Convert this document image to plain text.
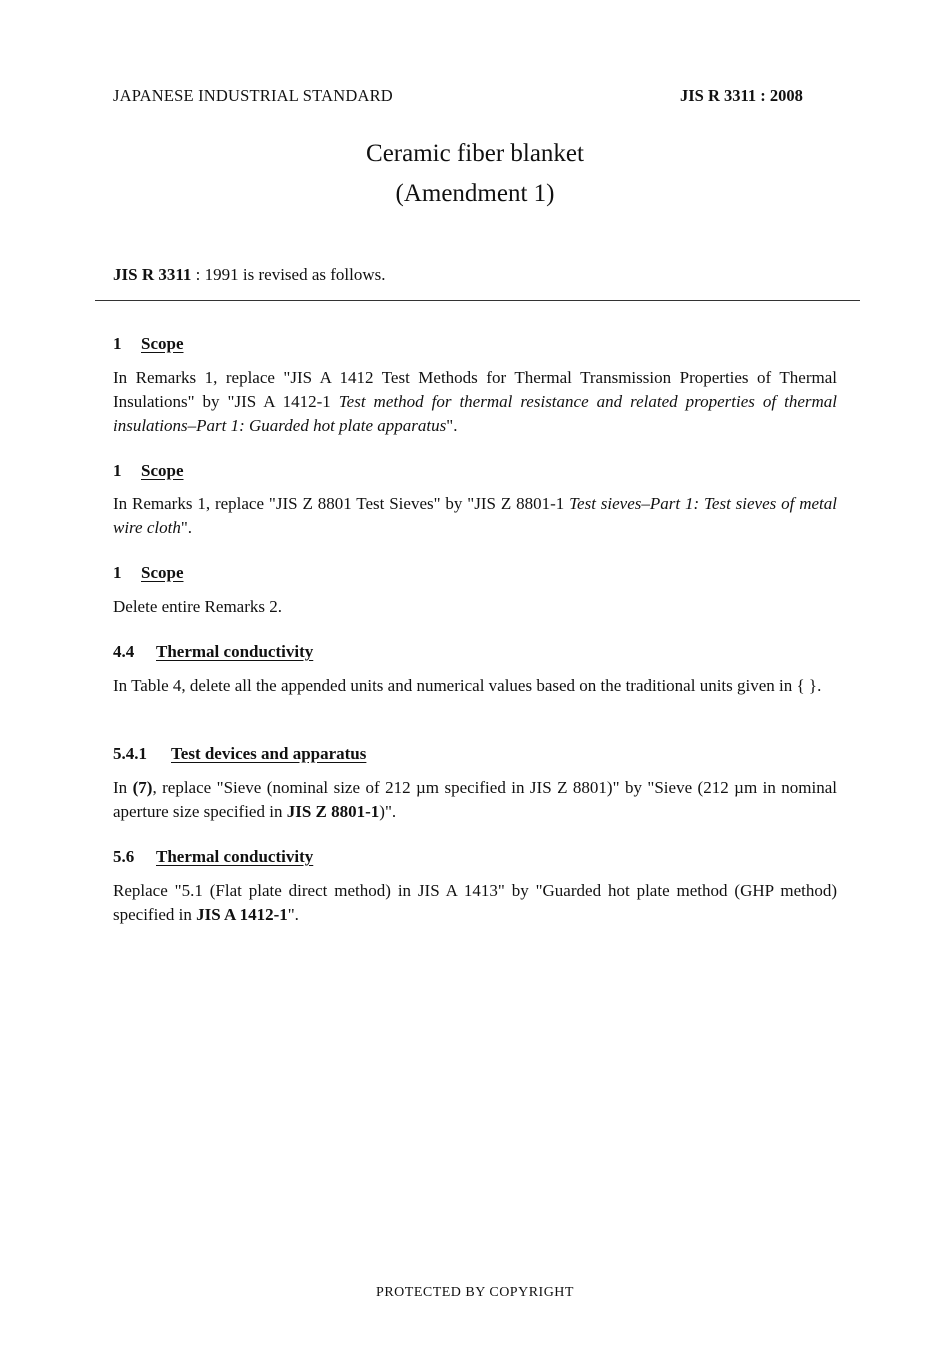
JAPANESE INDUSTRIAL STANDARD	JIS R 3311 : 2008
Ceramic fiber blanket
(Amendment 1)
JIS R 3311 : 1991 is revised as follows.
1 Scope
In Remarks 1, replace "JIS A 1412 Test Methods for Thermal Transmission Properties of Thermal Insulations" by "JIS A 1412-1 Test method for thermal resistance and related properties of thermal insulations–Part 1: Guarded hot plate apparatus".
1 Scope
In Remarks 1, replace "JIS Z 8801 Test Sieves" by "JIS Z 8801-1 Test sieves–Part 1: Test sieves of metal wire cloth".
1 Scope
Delete entire Remarks 2.
4.4 Thermal conductivity
In Table 4, delete all the appended units and numerical values based on the traditional units given in { }.
5.4.1 Test devices and apparatus
In (7), replace "Sieve (nominal size of 212 µm specified in JIS Z 8801)" by "Sieve (212 µm in nominal aperture size specified in JIS Z 8801-1)".
5.6 Thermal conductivity
Replace "5.1 (Flat plate direct method) in JIS A 1413" by "Guarded hot plate method (GHP method) specified in JIS A 1412-1".
PROTECTED BY COPYRIGHT
